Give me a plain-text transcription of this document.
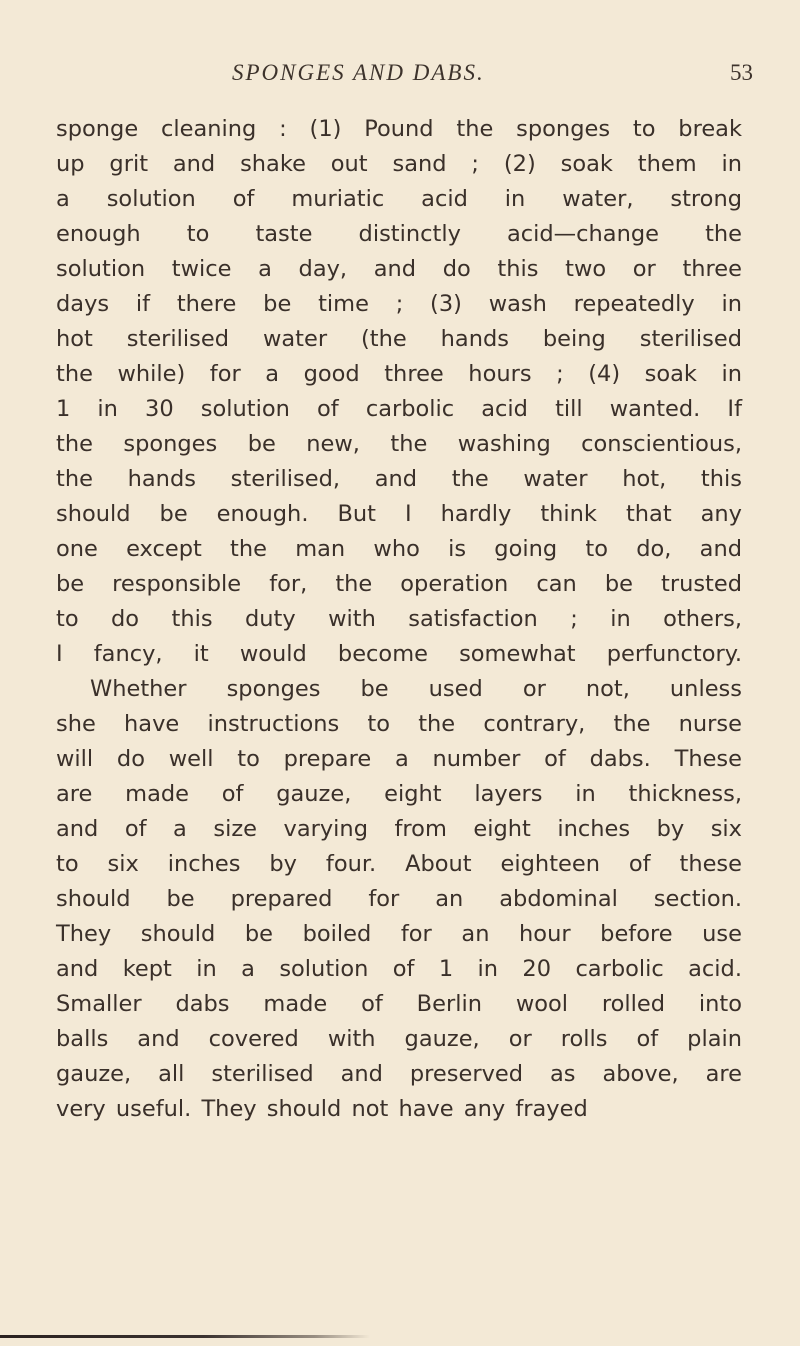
SPONGES AND DABS.	53
sponge cleaning : (1) Pound the sponges to break
up grit and shake out sand ; (2) soak them in
a solution of muriatic acid in water, strong
enough to taste distinctly acid—change the
solution twice a day, and do this two or three
days if there be time ; (3) wash repeatedly in
hot sterilised water (the hands being sterilised
the while) for a good three hours ; (4) soak in
1 in 30 solution of carbolic acid till wanted. If
the sponges be new, the washing conscientious,
the hands sterilised, and the water hot, this
should be enough. But I hardly think that any
one except the man who is going to do, and
be responsible for, the operation can be trusted
to do this duty with satisfaction ; in others,
I fancy, it would become somewhat perfunctory.
Whether sponges be used or not, unless
she have instructions to the contrary, the nurse
will do well to prepare a number of dabs. These
are made of gauze, eight layers in thickness,
and of a size varying from eight inches by six
to six inches by four. About eighteen of these
should be prepared for an abdominal section.
They should be boiled for an hour before use
and kept in a solution of 1 in 20 carbolic acid.
Smaller dabs made of Berlin wool rolled into
balls and covered with gauze, or rolls of plain
gauze, all sterilised and preserved as above, are
very useful. They should not have any frayed
